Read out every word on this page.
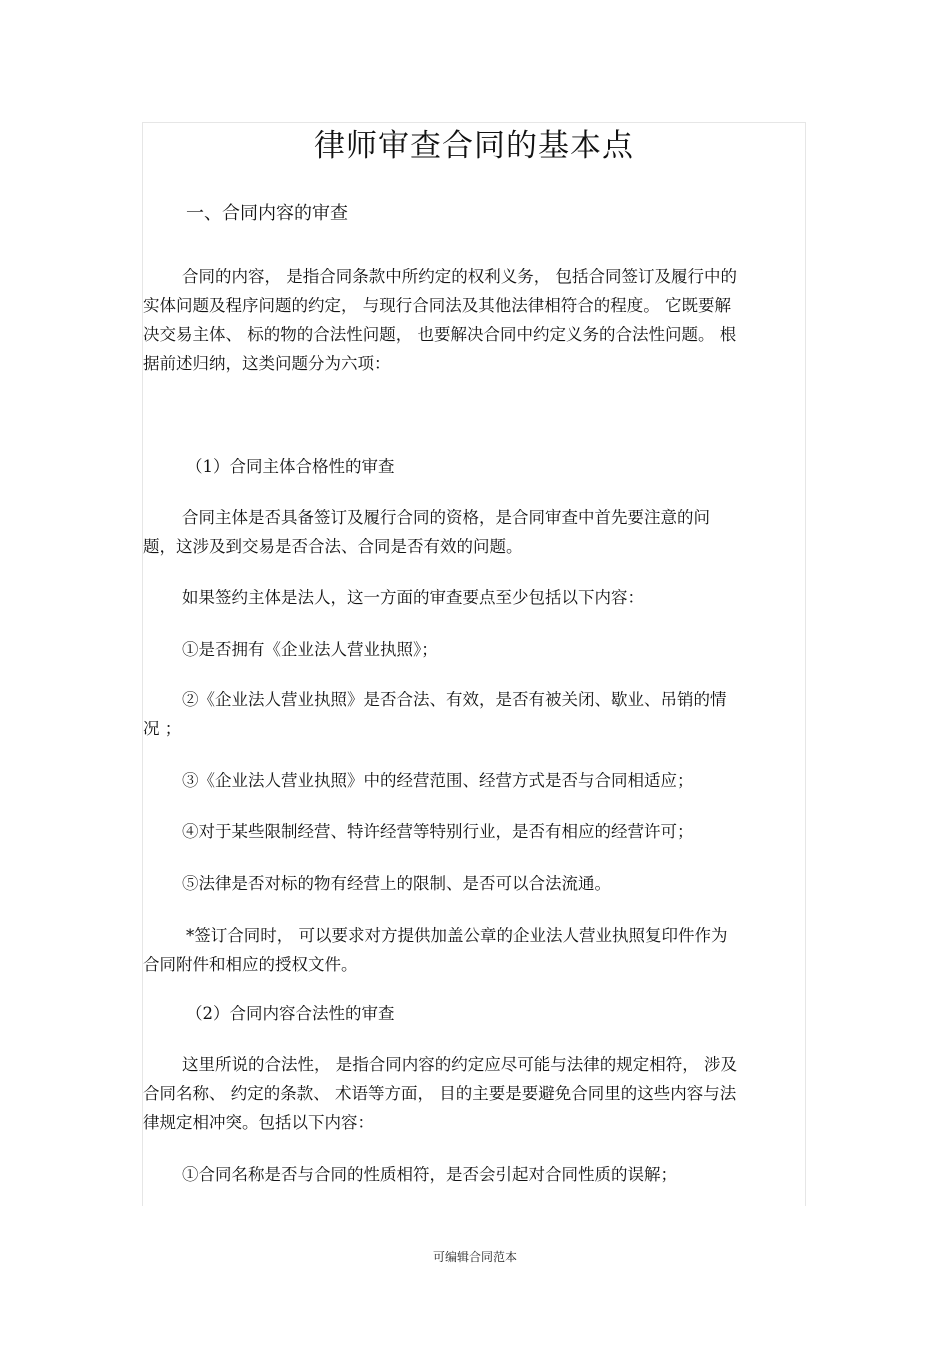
律师审查合同的基本点
一、合同内容的审查
合同的内容， 是指合同条款中所约定的权利义务， 包括合同签订及履行中的
实体问题及程序问题的约定， 与现行合同法及其他法律相符合的程度。 它既要解
决交易主体、 标的物的合法性问题， 也要解决合同中约定义务的合法性问题。 根
据前述归纳，这类问题分为六项：
（1）合同主体合格性的审查
合同主体是否具备签订及履行合同的资格，是合同审查中首先要注意的问
题，这涉及到交易是否合法、合同是否有效的问题。
如果签约主体是法人，这一方面的审查要点至少包括以下内容：
①是否拥有《企业法人营业执照》；
②《企业法人营业执照》是否合法、有效，是否有被关闭、歇业、吊销的情
况 ；
③《企业法人营业执照》中的经营范围、经营方式是否与合同相适应；
④对于某些限制经营、特许经营等特别行业，是否有相应的经营许可；
⑤法律是否对标的物有经营上的限制、是否可以合法流通。
*签订合同时， 可以要求对方提供加盖公章的企业法人营业执照复印件作为
合同附件和相应的授权文件。
（2）合同内容合法性的审查
这里所说的合法性， 是指合同内容的约定应尽可能与法律的规定相符， 涉及
合同名称、 约定的条款、 术语等方面， 目的主要是要避免合同里的这些内容与法
律规定相冲突。包括以下内容：
①合同名称是否与合同的性质相符，是否会引起对合同性质的误解；
可编辑合同范本
